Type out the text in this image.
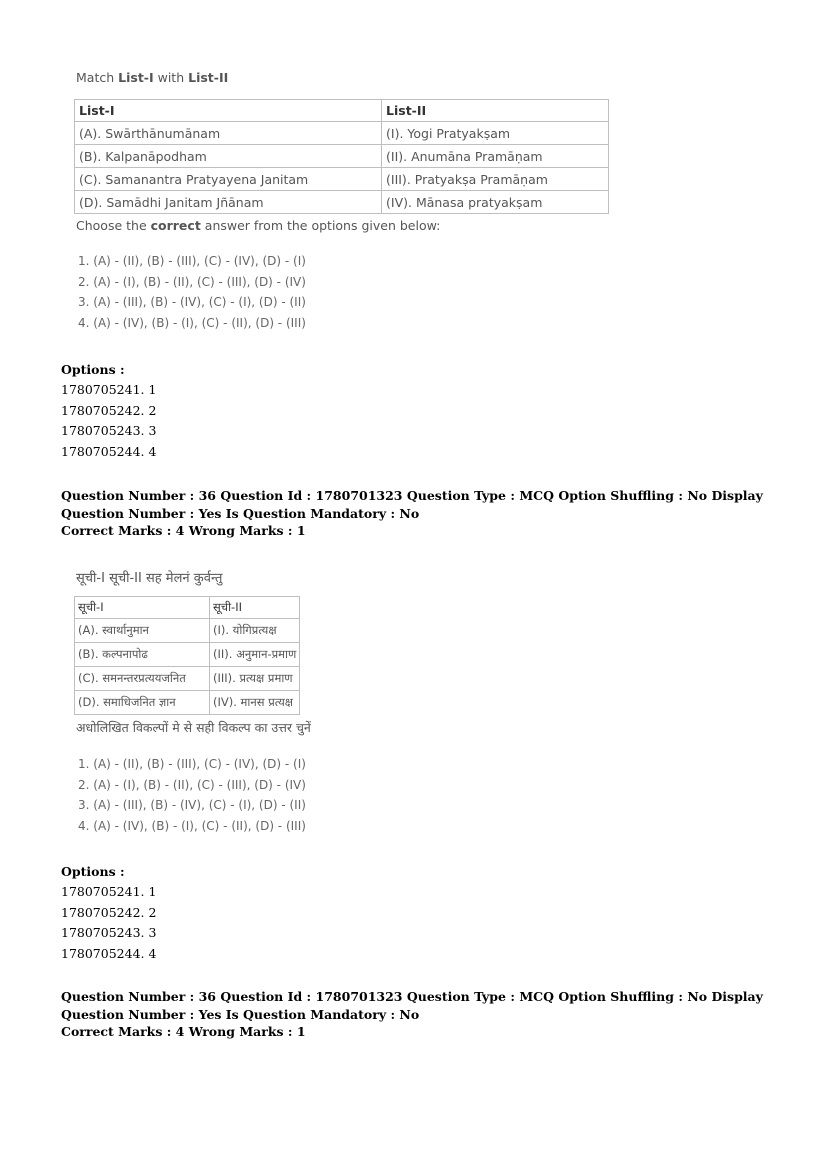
Match List-I with List-II

List-I	List-II
(A). Swārthānumānam	(I). Yogi Pratyakṣam
(B). Kalpanāpodham	(II). Anumāna Pramāṇam
(C). Samanantra Pratyayena Janitam	(III). Pratyakṣa Pramāṇam
(D). Samādhi Janitam Jñānam	(IV). Mānasa pratyakṣam

Choose the correct answer from the options given below:

1. (A) - (II), (B) - (III), (C) - (IV), (D) - (I)
2. (A) - (I), (B) - (II), (C) - (III), (D) - (IV)
3. (A) - (III), (B) - (IV), (C) - (I), (D) - (II)
4. (A) - (IV), (B) - (I), (C) - (II), (D) - (III)
Options :
1780705241. 1
1780705242. 2
1780705243. 3
1780705244. 4
Question Number : 36 Question Id : 1780701323 Question Type : MCQ Option Shuffling : No Display Question Number : Yes Is Question Mandatory : No
Correct Marks : 4 Wrong Marks : 1

सूची-I सूची-II सह मेलनं कुर्वन्तु

सूची-I	सूची-II
(A). स्वार्थानुमान	(I). योगिप्रत्यक्ष
(B). कल्पनापोढ	(II). अनुमान-प्रमाण
(C). समनन्तरप्रत्ययजनित	(III). प्रत्यक्ष प्रमाण
(D). समाधिजनित ज्ञान	(IV). मानस प्रत्यक्ष

अधोलिखित विकल्पों मे से सही विकल्प का उत्तर चुनें

1. (A) - (II), (B) - (III), (C) - (IV), (D) - (I)
2. (A) - (I), (B) - (II), (C) - (III), (D) - (IV)
3. (A) - (III), (B) - (IV), (C) - (I), (D) - (II)
4. (A) - (IV), (B) - (I), (C) - (II), (D) - (III)
Options :
1780705241. 1
1780705242. 2
1780705243. 3
1780705244. 4
Question Number : 36 Question Id : 1780701323 Question Type : MCQ Option Shuffling : No Display Question Number : Yes Is Question Mandatory : No
Correct Marks : 4 Wrong Marks : 1
